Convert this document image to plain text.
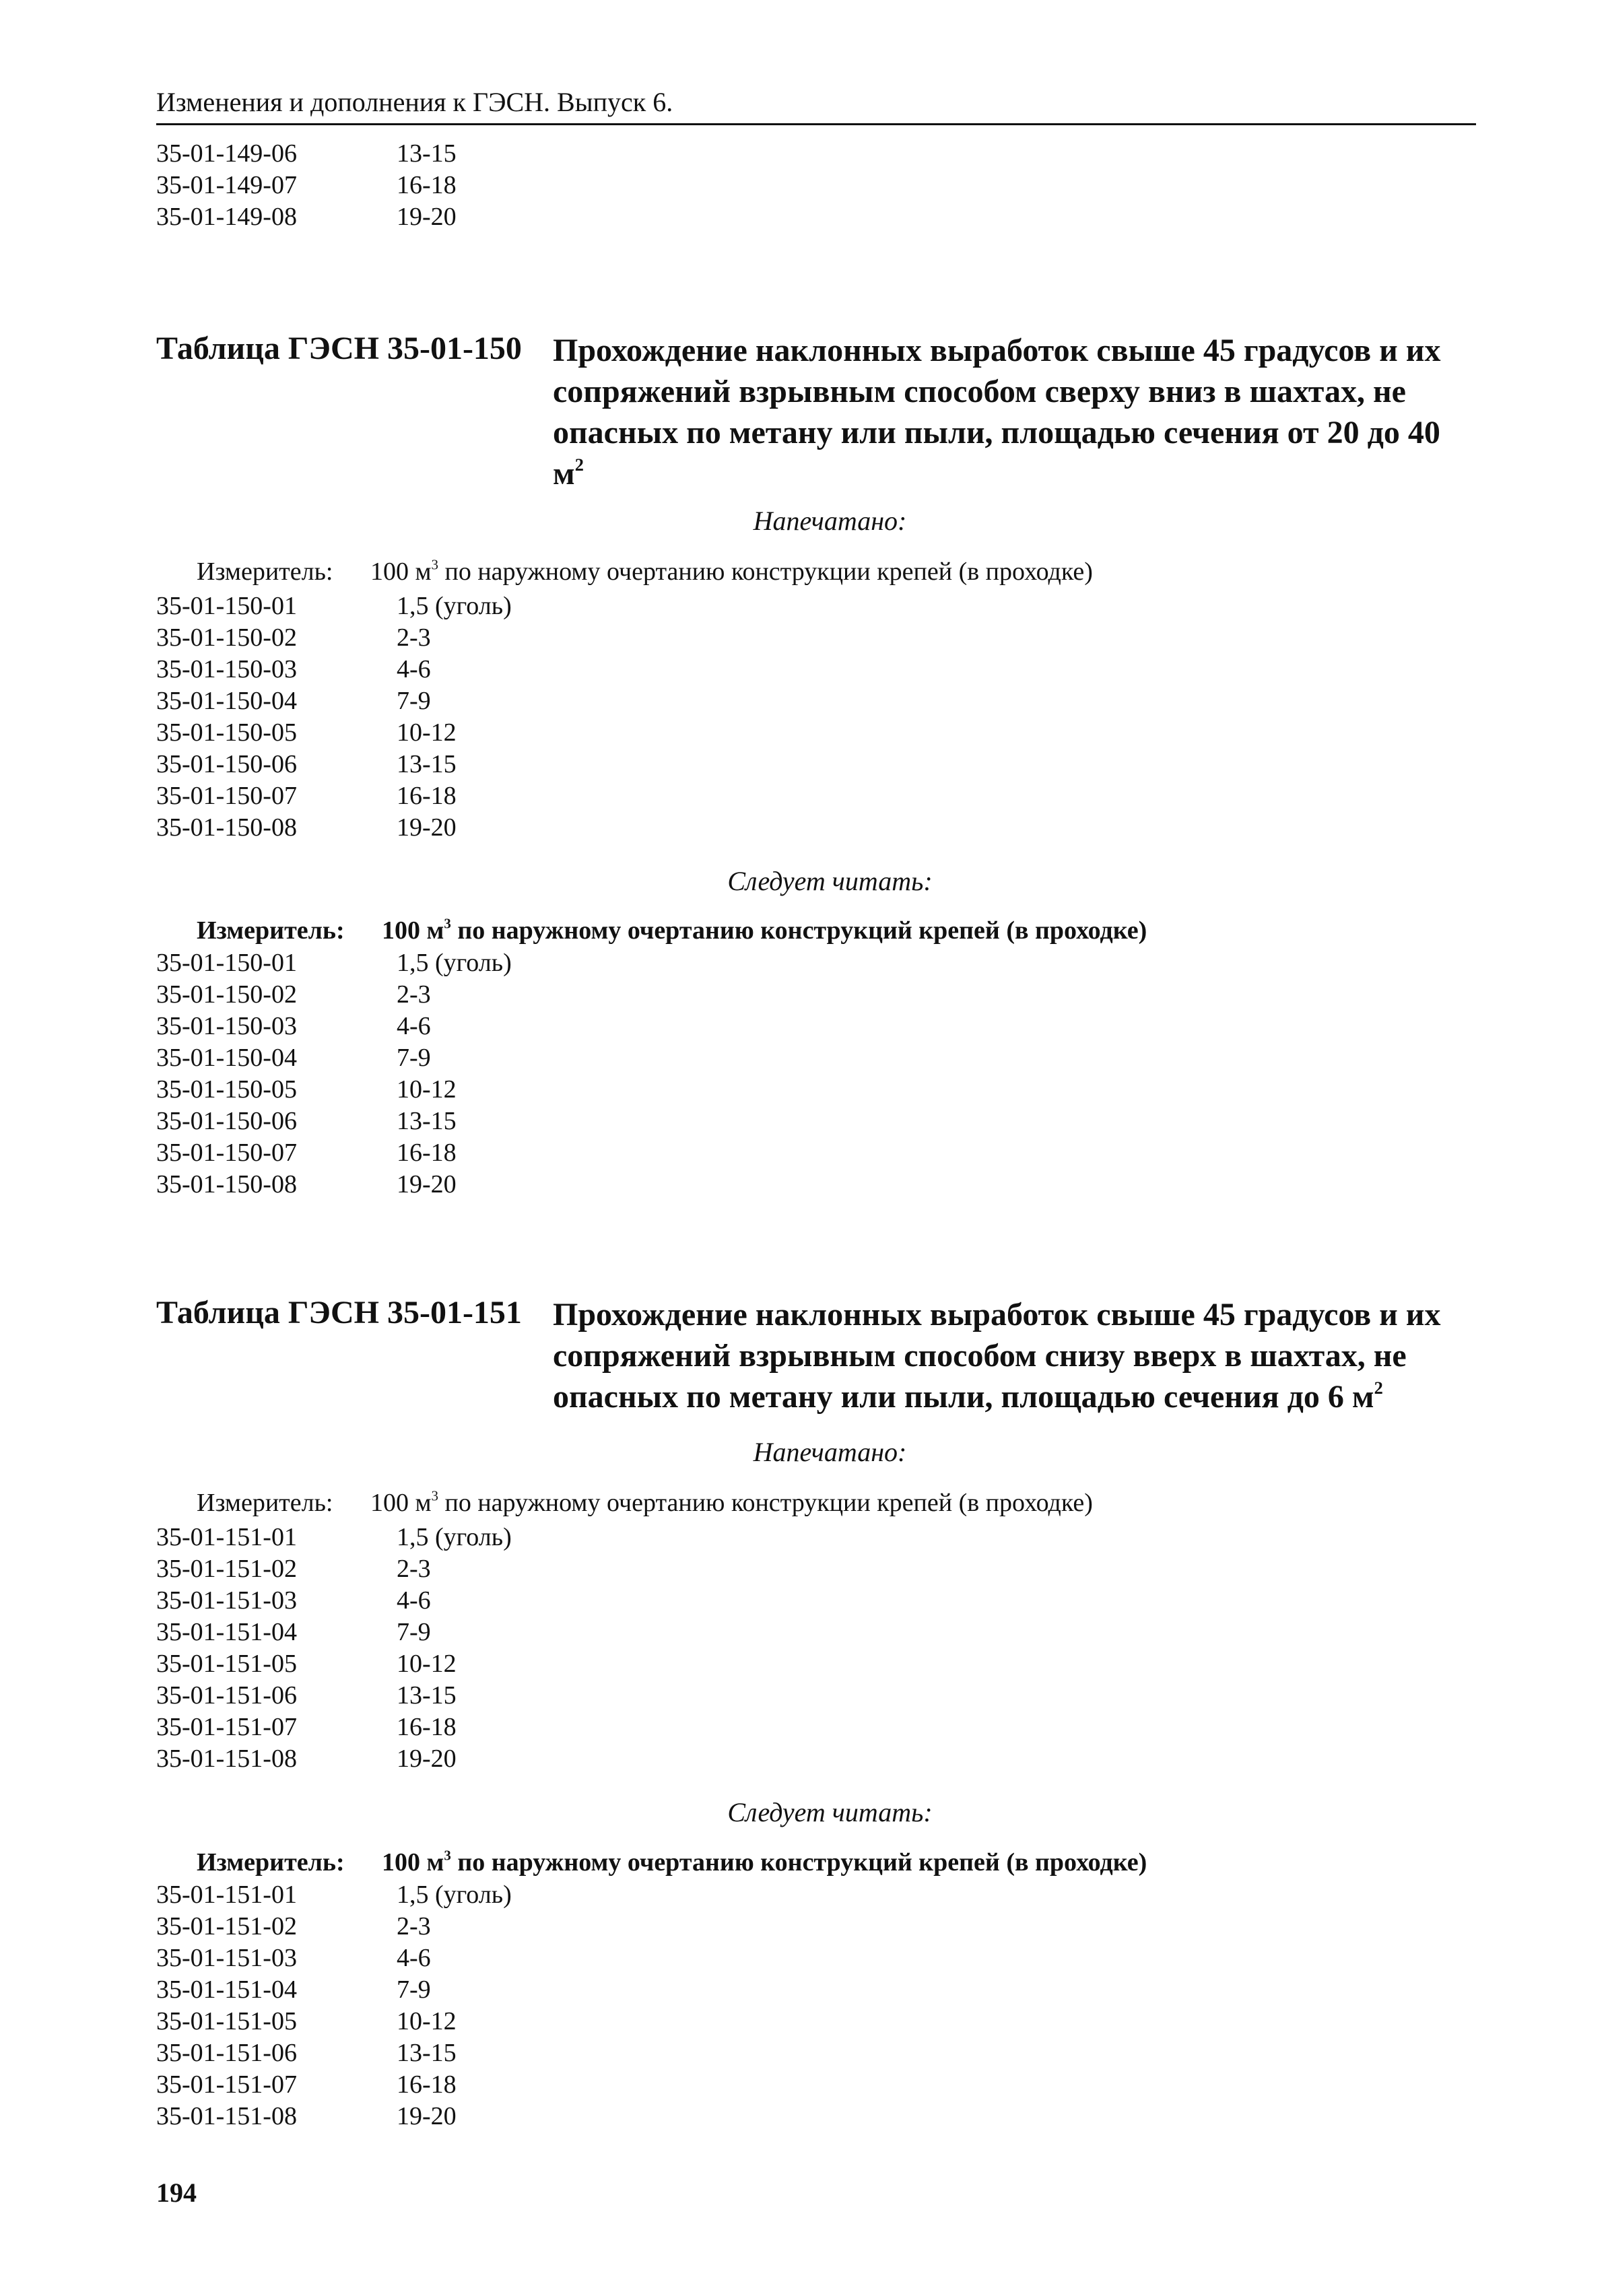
Изменения и дополнения к ГЭСН. Выпуск 6.
35-01-149-06	13-15
35-01-149-07	16-18
35-01-149-08	19-20
Таблица ГЭСН 35-01-150 Прохождение наклонных выработок свыше 45 градусов и их
сопряжений взрывным способом сверху вниз в шахтах, не
опасных по метану или пыли, площадью сечения от 20 до 40
$м^2$
Напечатано:
Измеритель: 100 $м^3$ по наружному очертанию конструкции крепей (в проходке)
35-01-150-01	1,5 (уголь)
35-01-150-02	2-3
35-01-150-03	4-6
35-01-150-04	7-9
35-01-150-05	10-12
35-01-150-06	13-15
35-01-150-07	16-18
35-01-150-08	19-20
Следует читать:
Измеритель: 100 $м^3$ по наружному очертанию конструкций крепей (в проходке)
35-01-150-01	1,5 (уголь)
35-01-150-02	2-3
35-01-150-03	4-6
35-01-150-04	7-9
35-01-150-05	10-12
35-01-150-06	13-15
35-01-150-07	16-18
35-01-150-08	19-20
Таблица ГЭСН 35-01-151 Прохождение наклонных выработок свыше 45 градусов и их
сопряжений взрывным способом снизу вверх в шахтах, не
опасных по метану или пыли, площадью сечения до 6 $м^2$
Напечатано:
Измеритель: 100 $м^3$ по наружному очертанию конструкции крепей (в проходке)
35-01-151-01	1,5 (уголь)
35-01-151-02	2-3
35-01-151-03	4-6
35-01-151-04	7-9
35-01-151-05	10-12
35-01-151-06	13-15
35-01-151-07	16-18
35-01-151-08	19-20
Следует читать:
Измеритель: 100 $м^3$ по наружному очертанию конструкций крепей (в проходке)
35-01-151-01	1,5 (уголь)
35-01-151-02	2-3
35-01-151-03	4-6
35-01-151-04	7-9
35-01-151-05	10-12
35-01-151-06	13-15
35-01-151-07	16-18
35-01-151-08	19-20
194
